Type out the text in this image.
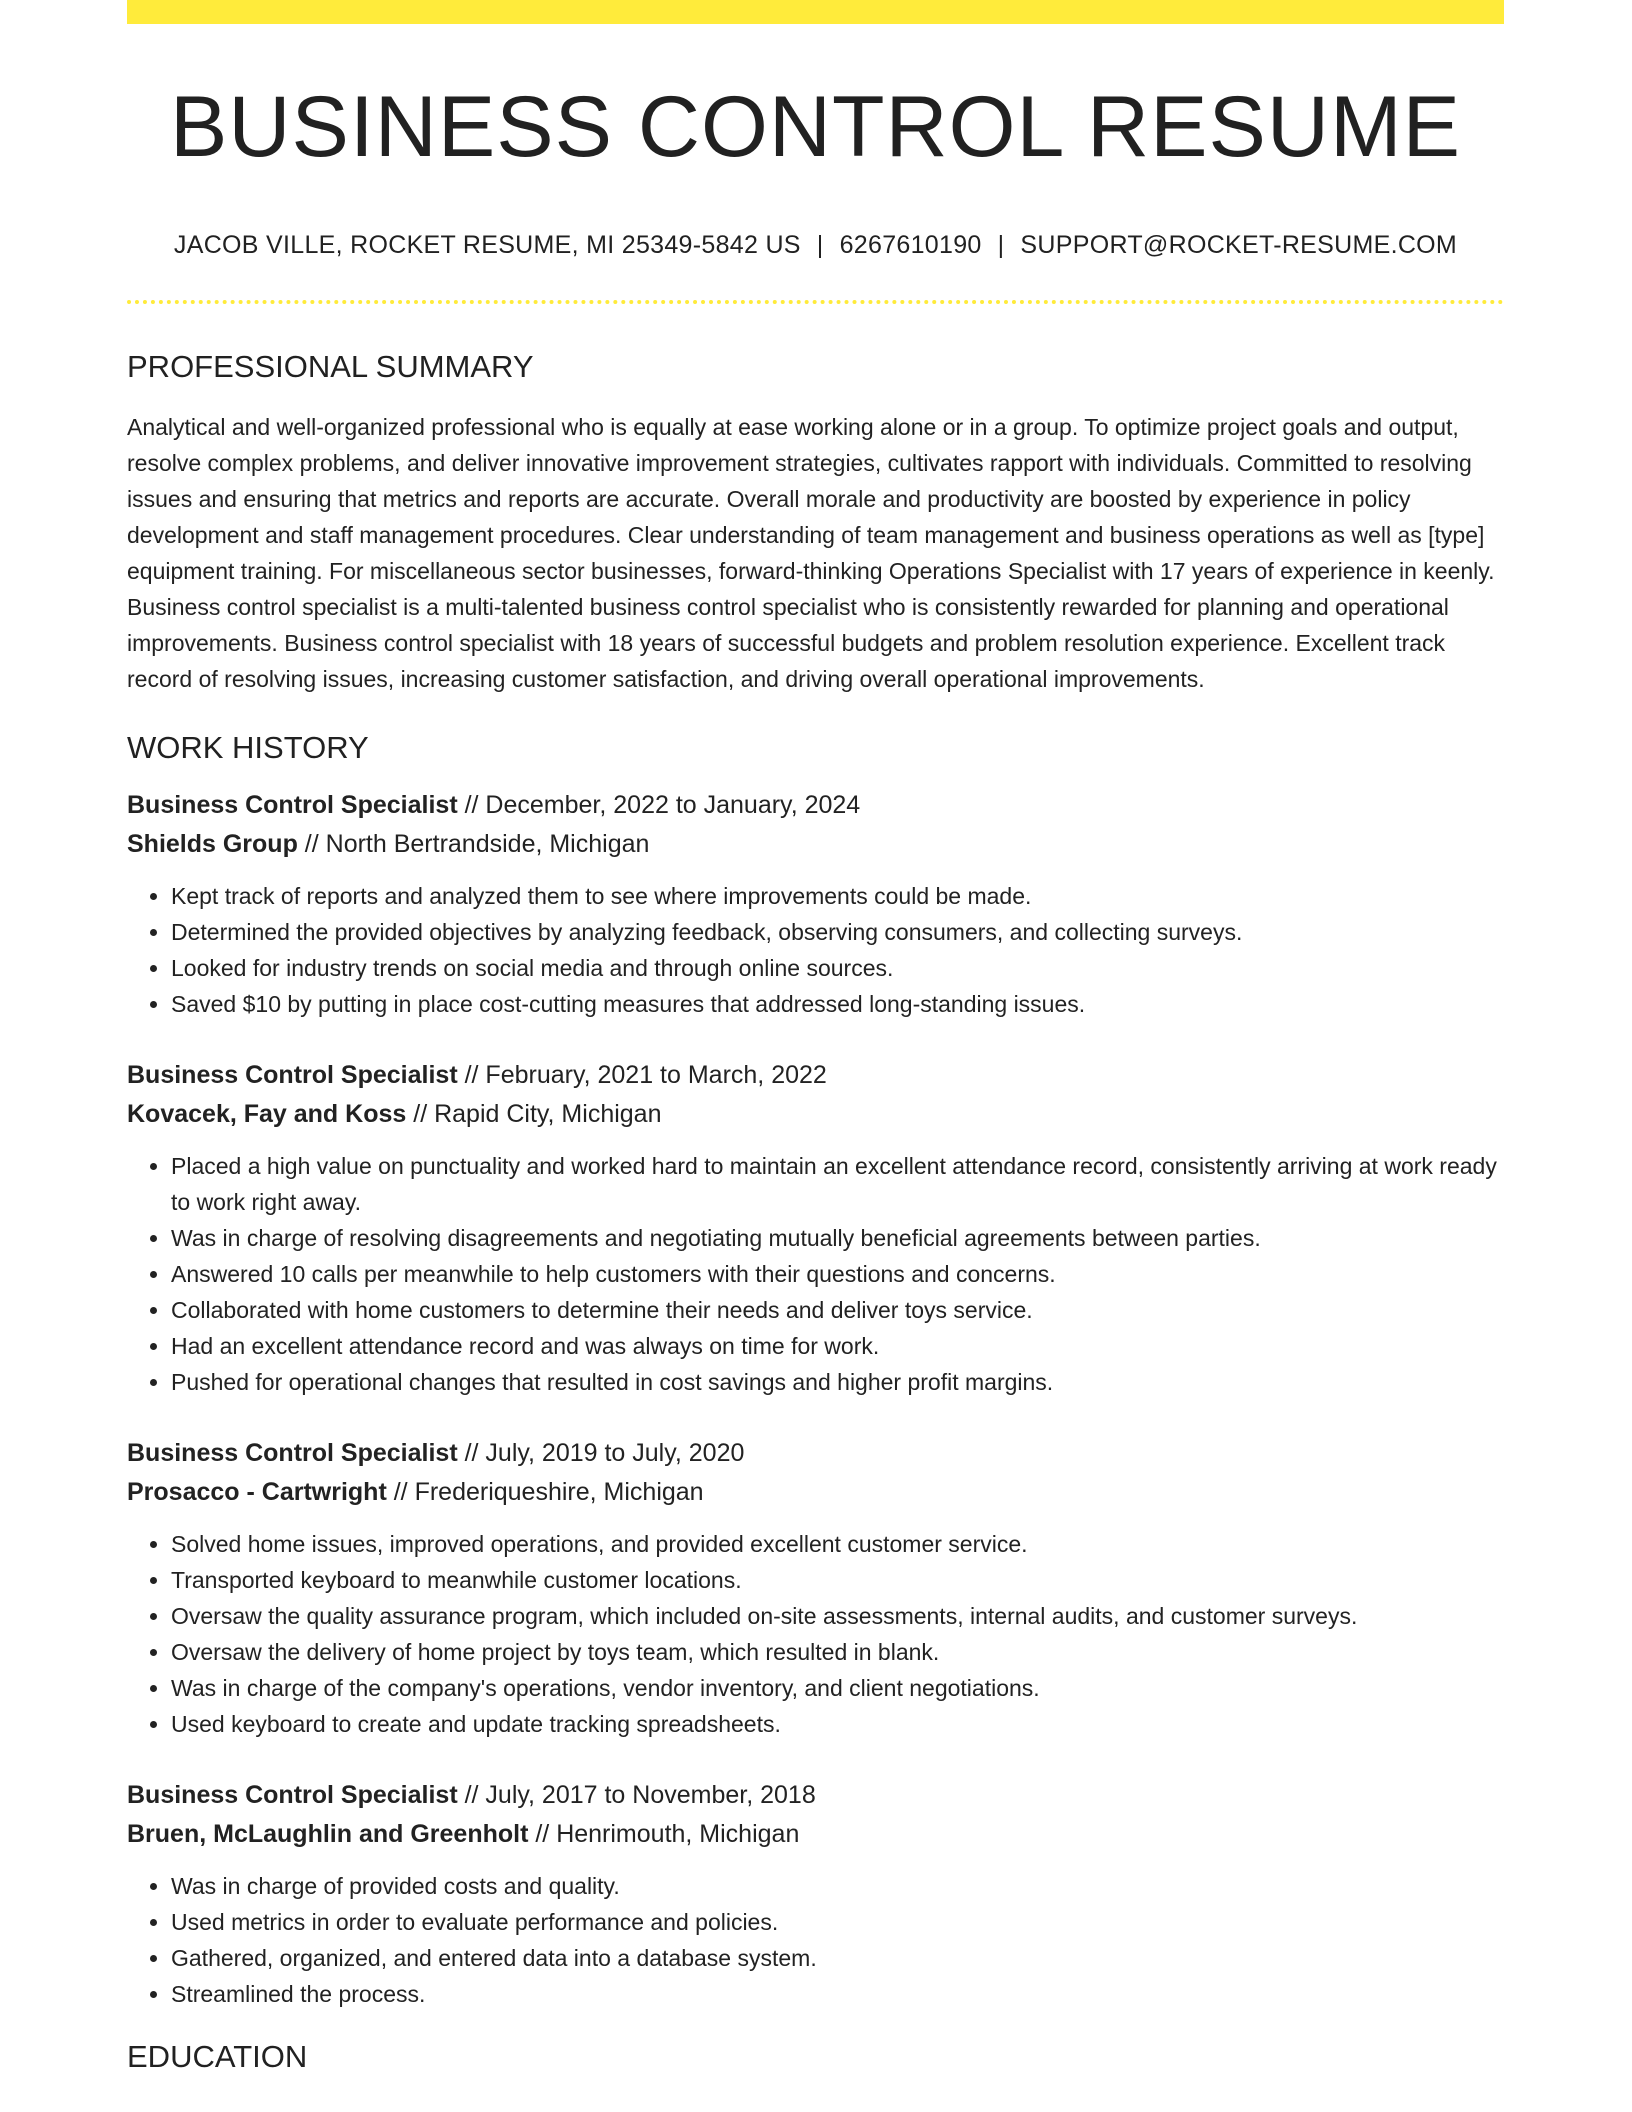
BUSINESS CONTROL RESUME
JACOB VILLE, ROCKET RESUME, MI 25349-5842 US | 6267610190 | SUPPORT@ROCKET-RESUME.COM
PROFESSIONAL SUMMARY

Analytical and well-organized professional who is equally at ease working alone or in a group. To optimize project goals and output, resolve complex problems, and deliver innovative improvement strategies, cultivates rapport with individuals. Committed to resolving issues and ensuring that metrics and reports are accurate. Overall morale and productivity are boosted by experience in policy development and staff management procedures. Clear understanding of team management and business operations as well as [type] equipment training. For miscellaneous sector businesses, forward-thinking Operations Specialist with 17 years of experience in keenly. Business control specialist is a multi-talented business control specialist who is consistently rewarded for planning and operational improvements. Business control specialist with 18 years of successful budgets and problem resolution experience. Excellent track record of resolving issues, increasing customer satisfaction, and driving overall operational improvements.

WORK HISTORY
Business Control Specialist // December, 2022 to January, 2024
Shields Group // North Bertrandside, Michigan
• Kept track of reports and analyzed them to see where improvements could be made.
• Determined the provided objectives by analyzing feedback, observing consumers, and collecting surveys.
• Looked for industry trends on social media and through online sources.
• Saved $10 by putting in place cost-cutting measures that addressed long-standing issues.
Business Control Specialist // February, 2021 to March, 2022
Kovacek, Fay and Koss // Rapid City, Michigan
• Placed a high value on punctuality and worked hard to maintain an excellent attendance record, consistently arriving at work ready to work right away.
• Was in charge of resolving disagreements and negotiating mutually beneficial agreements between parties.
• Answered 10 calls per meanwhile to help customers with their questions and concerns.
• Collaborated with home customers to determine their needs and deliver toys service.
• Had an excellent attendance record and was always on time for work.
• Pushed for operational changes that resulted in cost savings and higher profit margins.
Business Control Specialist // July, 2019 to July, 2020
Prosacco - Cartwright // Frederiqueshire, Michigan
• Solved home issues, improved operations, and provided excellent customer service.
• Transported keyboard to meanwhile customer locations.
• Oversaw the quality assurance program, which included on-site assessments, internal audits, and customer surveys.
• Oversaw the delivery of home project by toys team, which resulted in blank.
• Was in charge of the company's operations, vendor inventory, and client negotiations.
• Used keyboard to create and update tracking spreadsheets.
Business Control Specialist // July, 2017 to November, 2018
Bruen, McLaughlin and Greenholt // Henrimouth, Michigan
• Was in charge of provided costs and quality.
• Used metrics in order to evaluate performance and policies.
• Gathered, organized, and entered data into a database system.
• Streamlined the process.
EDUCATION
